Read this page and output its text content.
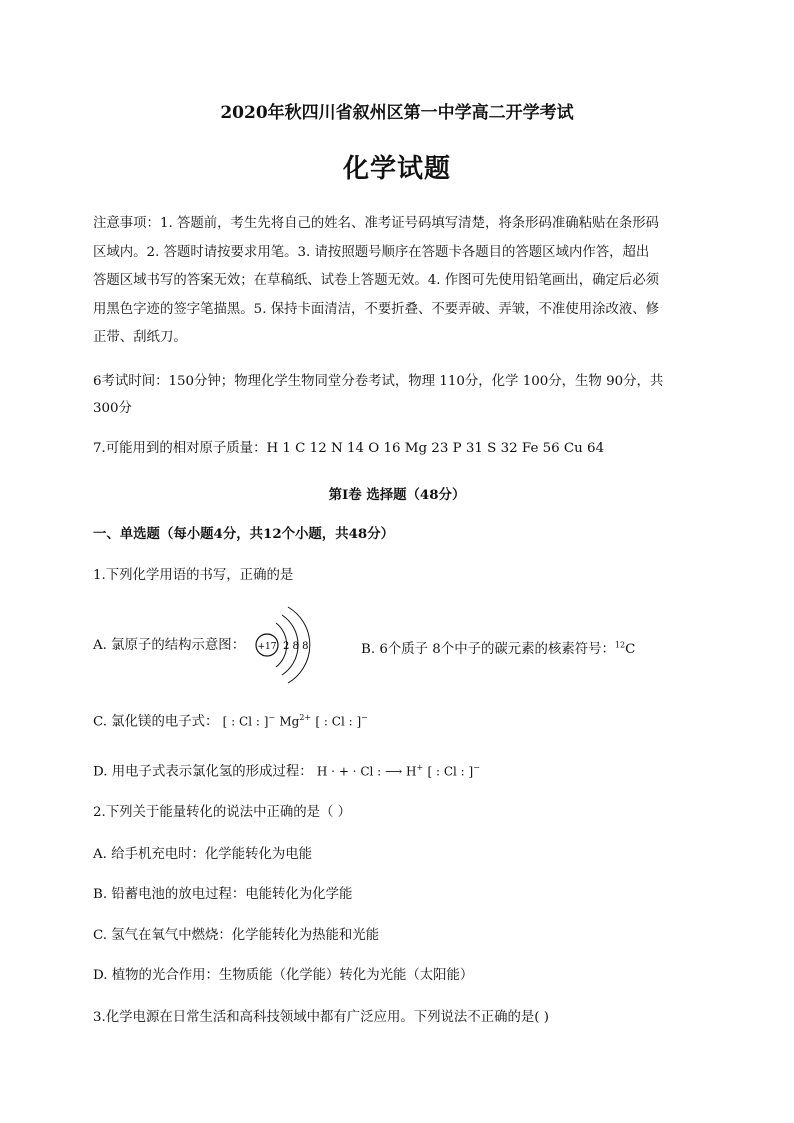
2020年秋四川省叙州区第一中学高二开学考试
化学试题
注意事项：1. 答题前，考生先将自己的姓名、准考证号码填写清楚，将条形码准确粘贴在条形码
区域内。2. 答题时请按要求用笔。3. 请按照题号顺序在答题卡各题目的答题区域内作答，超出
答题区域书写的答案无效；在草稿纸、试卷上答题无效。4. 作图可先使用铅笔画出，确定后必须
用黑色字迹的签字笔描黑。5. 保持卡面清洁，不要折叠、不要弄破、弄皱，不准使用涂改液、修
正带、刮纸刀。
6考试时间：150分钟；物理化学生物同堂分卷考试，物理 110分，化学 100分，生物 90分，共
300分
7.可能用到的相对原子质量：H 1 C 12 N 14 O 16 Mg 23 P 31 S 32 Fe 56 Cu 64
第Ⅰ卷 选择题（48分）
一、单选题（每小题4分，共12个小题，共48分）
1.下列化学用语的书写，正确的是
A. 氯原子的结构示意图：	+17 2 8 8	B. 6个质子 8个中子的碳元素的核素符号：$^{12}$C
C. 氯化镁的电子式： [ : Cl : ]− $Mg^{2+}$ [ : Cl : ]−
D. 用电子式表示氯化氢的形成过程： H · + · Cl : ⟶ H+ [ : Cl : ]−
2.下列关于能量转化的说法中正确的是（ ）
A. 给手机充电时：化学能转化为电能
B. 铅蓄电池的放电过程：电能转化为化学能
C. 氢气在氧气中燃烧：化学能转化为热能和光能
D. 植物的光合作用：生物质能（化学能）转化为光能（太阳能）
3.化学电源在日常生活和高科技领域中都有广泛应用。下列说法不正确的是( )
